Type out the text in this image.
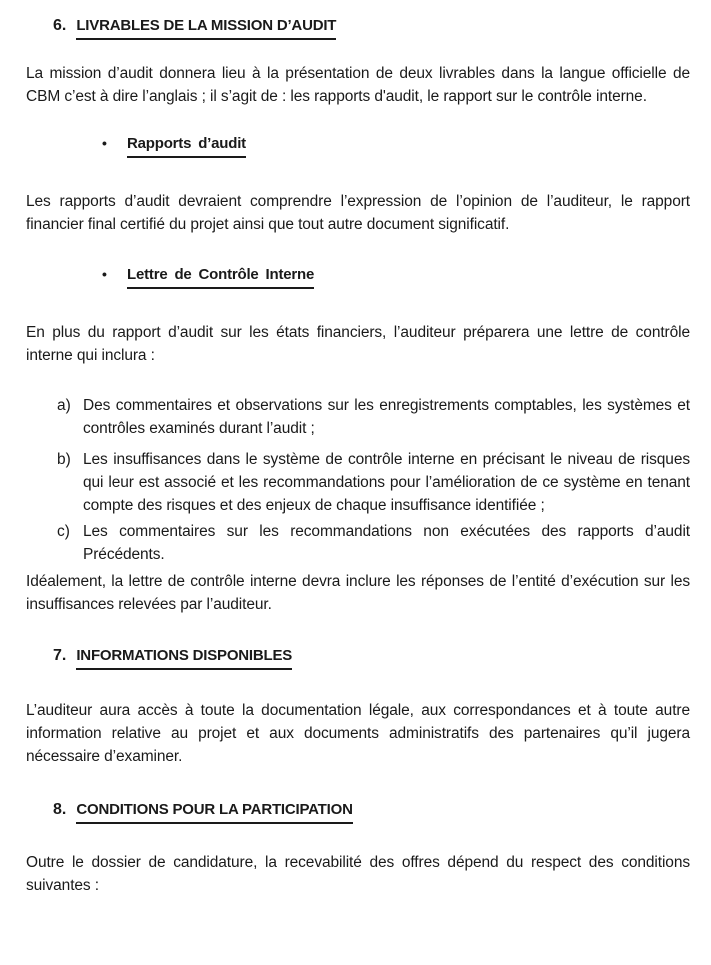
6. LIVRABLES DE LA MISSION D’AUDIT

La mission d’audit donnera lieu à la présentation de deux livrables dans la langue officielle de CBM c’est à dire l’anglais ; il s’agit de : les rapports d'audit, le rapport sur le contrôle interne.

•	Rapports d’audit

Les rapports d’audit devraient comprendre l’expression de l’opinion de l’auditeur, le rapport financier final certifié du projet ainsi que tout autre document significatif.

•	Lettre de Contrôle Interne

En plus du rapport d’audit sur les états financiers, l’auditeur préparera une lettre de contrôle interne qui inclura :

a) Des commentaires et observations sur les enregistrements comptables, les systèmes et contrôles examinés durant l’audit ;
b) Les insuffisances dans le système de contrôle interne en précisant le niveau de risques qui leur est associé et les recommandations pour l’amélioration de ce système en tenant compte des risques et des enjeux de chaque insuffisance identifiée ;
c) Les commentaires sur les recommandations non exécutées des rapports d’audit Précédents.

Idéalement, la lettre de contrôle interne devra inclure les réponses de l’entité d’exécution sur les insuffisances relevées par l’auditeur.

7. INFORMATIONS DISPONIBLES

L’auditeur aura accès à toute la documentation légale, aux correspondances et à toute autre information relative au projet et aux documents administratifs des partenaires qu’il jugera nécessaire d’examiner.

8. CONDITIONS POUR LA PARTICIPATION

Outre le dossier de candidature, la recevabilité des offres dépend du respect des conditions suivantes :
